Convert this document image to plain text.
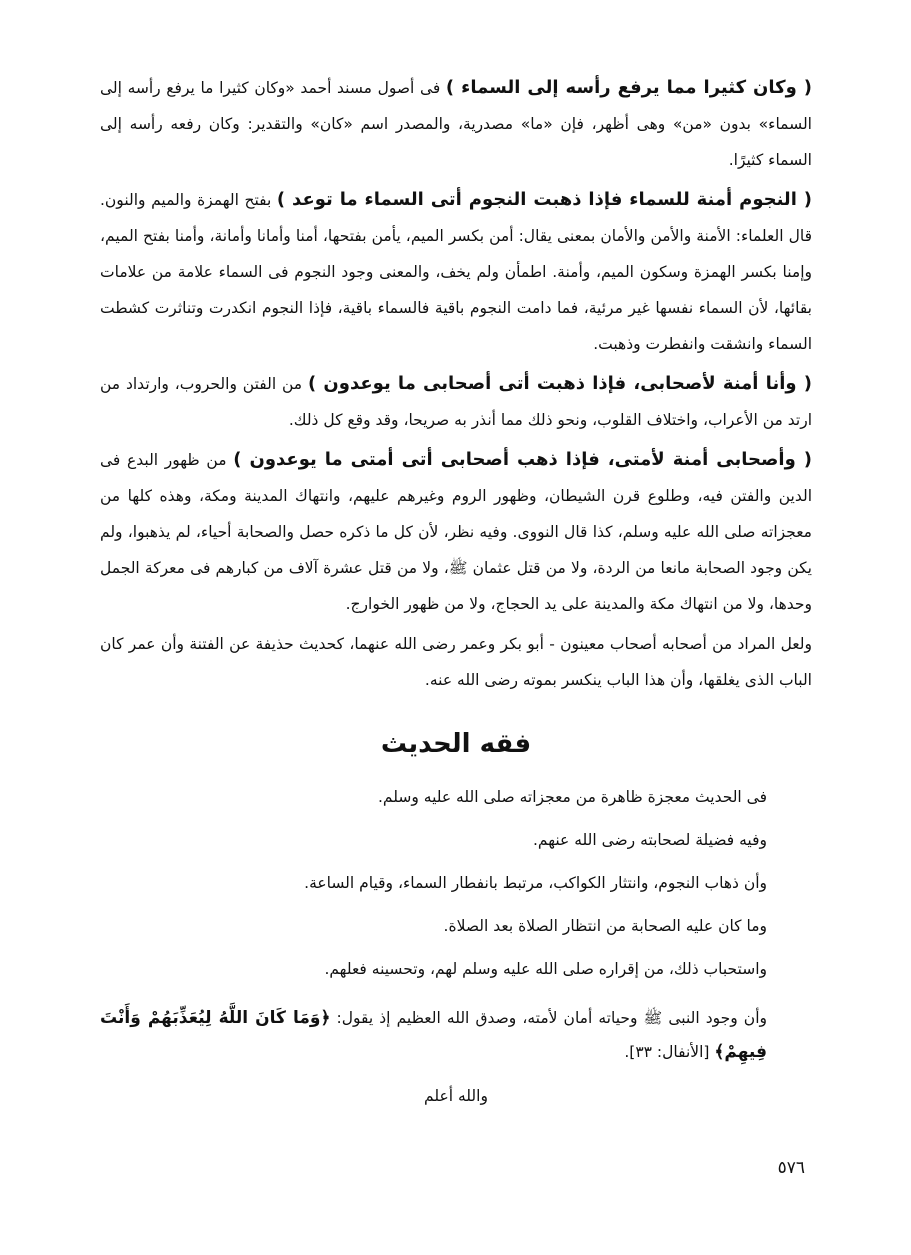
( وكان كثيرا مما يرفع رأسه إلى السماء ) فى أصول مسند أحمد «وكان كثيرا ما يرفع رأسه إلى السماء» بدون «من» وهى أظهر، فإن «ما» مصدرية، والمصدر اسم «كان» والتقدير: وكان رفعه رأسه إلى السماء كثيرًا.

( النجوم أمنة للسماء فإذا ذهبت النجوم أتى السماء ما توعد ) بفتح الهمزة والميم والنون. قال العلماء: الأمنة والأمن والأمان بمعنى يقال: أمن بكسر الميم، يأمن بفتحها، أمنا وأمانا وأمانة، وأمنا بفتح الميم، وإمنا بكسر الهمزة وسكون الميم، وأمنة. اطمأن ولم يخف، والمعنى وجود النجوم فى السماء علامة من علامات بقائها، لأن السماء نفسها غير مرئية، فما دامت النجوم باقية فالسماء باقية، فإذا النجوم انكدرت وتناثرت كشطت السماء وانشقت وانفطرت وذهبت.

( وأنا أمنة لأصحابى، فإذا ذهبت أتى أصحابى ما يوعدون ) من الفتن والحروب، وارتداد من ارتد من الأعراب، واختلاف القلوب، ونحو ذلك مما أنذر به صريحا، وقد وقع كل ذلك.

( وأصحابى أمنة لأمتى، فإذا ذهب أصحابى أتى أمتى ما يوعدون ) من ظهور البدع فى الدين والفتن فيه، وطلوع قرن الشيطان، وظهور الروم وغيرهم عليهم، وانتهاك المدينة ومكة، وهذه كلها من معجزاته صلى الله عليه وسلم، كذا قال النووى. وفيه نظر، لأن كل ما ذكره حصل والصحابة أحياء، لم يذهبوا، ولم يكن وجود الصحابة مانعا من الردة، ولا من قتل عثمان ﷺ، ولا من قتل عشرة آلاف من كبارهم فى معركة الجمل وحدها، ولا من انتهاك مكة والمدينة على يد الحجاج، ولا من ظهور الخوارج.

ولعل المراد من أصحابه أصحاب معينون - أبو بكر وعمر رضى الله عنهما، كحديث حذيفة عن الفتنة وأن عمر كان الباب الذى يغلقها، وأن هذا الباب ينكسر بموته رضى الله عنه.

فقه الحديث

فى الحديث معجزة ظاهرة من معجزاته صلى الله عليه وسلم.

وفيه فضيلة لصحابته رضى الله عنهم.

وأن ذهاب النجوم، وانتثار الكواكب، مرتبط بانفطار السماء، وقيام الساعة.

وما كان عليه الصحابة من انتظار الصلاة بعد الصلاة.

واستحباب ذلك، من إقراره صلى الله عليه وسلم لهم، وتحسينه فعلهم.

وأن وجود النبى ﷺ وحياته أمان لأمته، وصدق الله العظيم إذ يقول: ﴿وَمَا كَانَ اللَّهُ لِيُعَذِّبَهُمْ وَأَنْتَ فِيهِمْ﴾ [الأنفال: ٣٣].

والله أعلم

٥٧٦
